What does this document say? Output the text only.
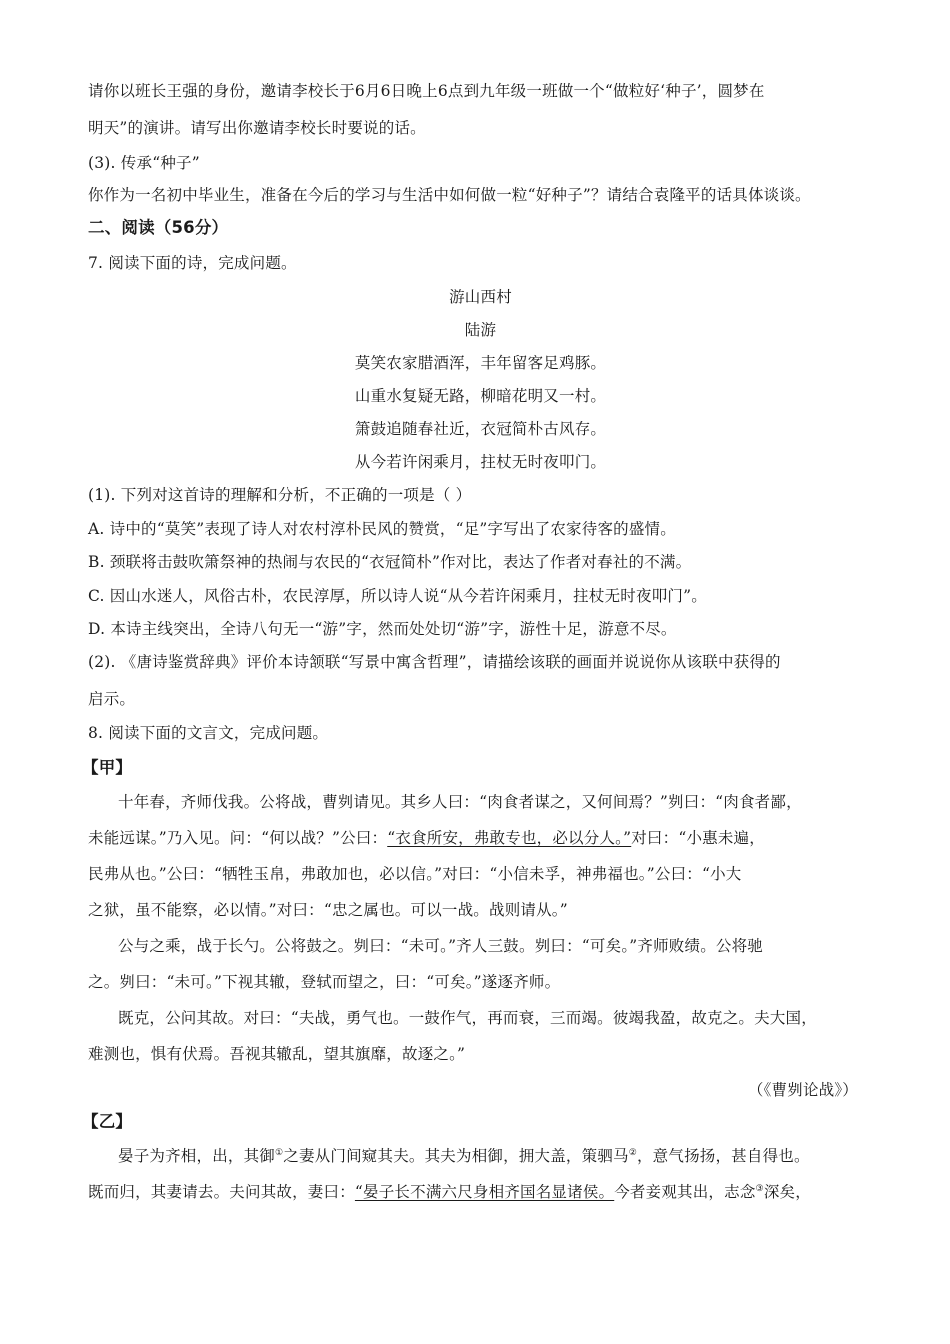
请你以班长王强的身份，邀请李校长于6月6日晚上6点到九年级一班做一个“做粒好‘种子’，圆梦在
明天”的演讲。请写出你邀请李校长时要说的话。
(3). 传承“种子”
你作为一名初中毕业生，准备在今后的学习与生活中如何做一粒“好种子”？请结合袁隆平的话具体谈谈。
二、阅读（56分）
7. 阅读下面的诗，完成问题。
游山西村
陆游
莫笑农家腊酒浑，丰年留客足鸡豚。
山重水复疑无路，柳暗花明又一村。
箫鼓追随春社近，衣冠简朴古风存。
从今若许闲乘月，拄杖无时夜叩门。
(1). 下列对这首诗的理解和分析，不正确的一项是（ ）
A. 诗中的“莫笑”表现了诗人对农村淳朴民风的赞赏，“足”字写出了农家待客的盛情。
B. 颈联将击鼓吹箫祭神的热闹与农民的“衣冠简朴”作对比，表达了作者对春社的不满。
C. 因山水迷人，风俗古朴，农民淳厚，所以诗人说“从今若许闲乘月，拄杖无时夜叩门”。
D. 本诗主线突出，全诗八句无一“游”字，然而处处切“游”字，游性十足，游意不尽。
(2). 《唐诗鉴赏辞典》评价本诗颔联“写景中寓含哲理”，请描绘该联的画面并说说你从该联中获得的
启示。
8. 阅读下面的文言文，完成问题。
【甲】
十年春，齐师伐我。公将战，曹刿请见。其乡人曰：“肉食者谋之，又何间焉？”刿曰：“肉食者鄙，
未能远谋。”乃入见。问：“何以战？”公曰：“衣食所安，弗敢专也，必以分人。”对曰：“小惠未遍，
民弗从也。”公曰：“牺牲玉帛，弗敢加也，必以信。”对曰：“小信未孚，神弗福也。”公曰：“小大
之狱，虽不能察，必以情。”对曰：“忠之属也。可以一战。战则请从。”
公与之乘，战于长勺。公将鼓之。刿曰：“未可。”齐人三鼓。刿曰：“可矣。”齐师败绩。公将驰
之。刿曰：“未可。”下视其辙，登轼而望之，曰：“可矣。”遂逐齐师。
既克，公问其故。对曰：“夫战，勇气也。一鼓作气，再而衰，三而竭。彼竭我盈，故克之。夫大国，
难测也，惧有伏焉。吾视其辙乱，望其旗靡，故逐之。”
（《曹刿论战》）
【乙】
晏子为齐相，出，其御①之妻从门间窥其夫。其夫为相御，拥大盖，策驷马②，意气扬扬，甚自得也。
既而归，其妻请去。夫问其故，妻曰：“晏子长不满六尺身相齐国名显诸侯。今者妾观其出，志念③深矣，
